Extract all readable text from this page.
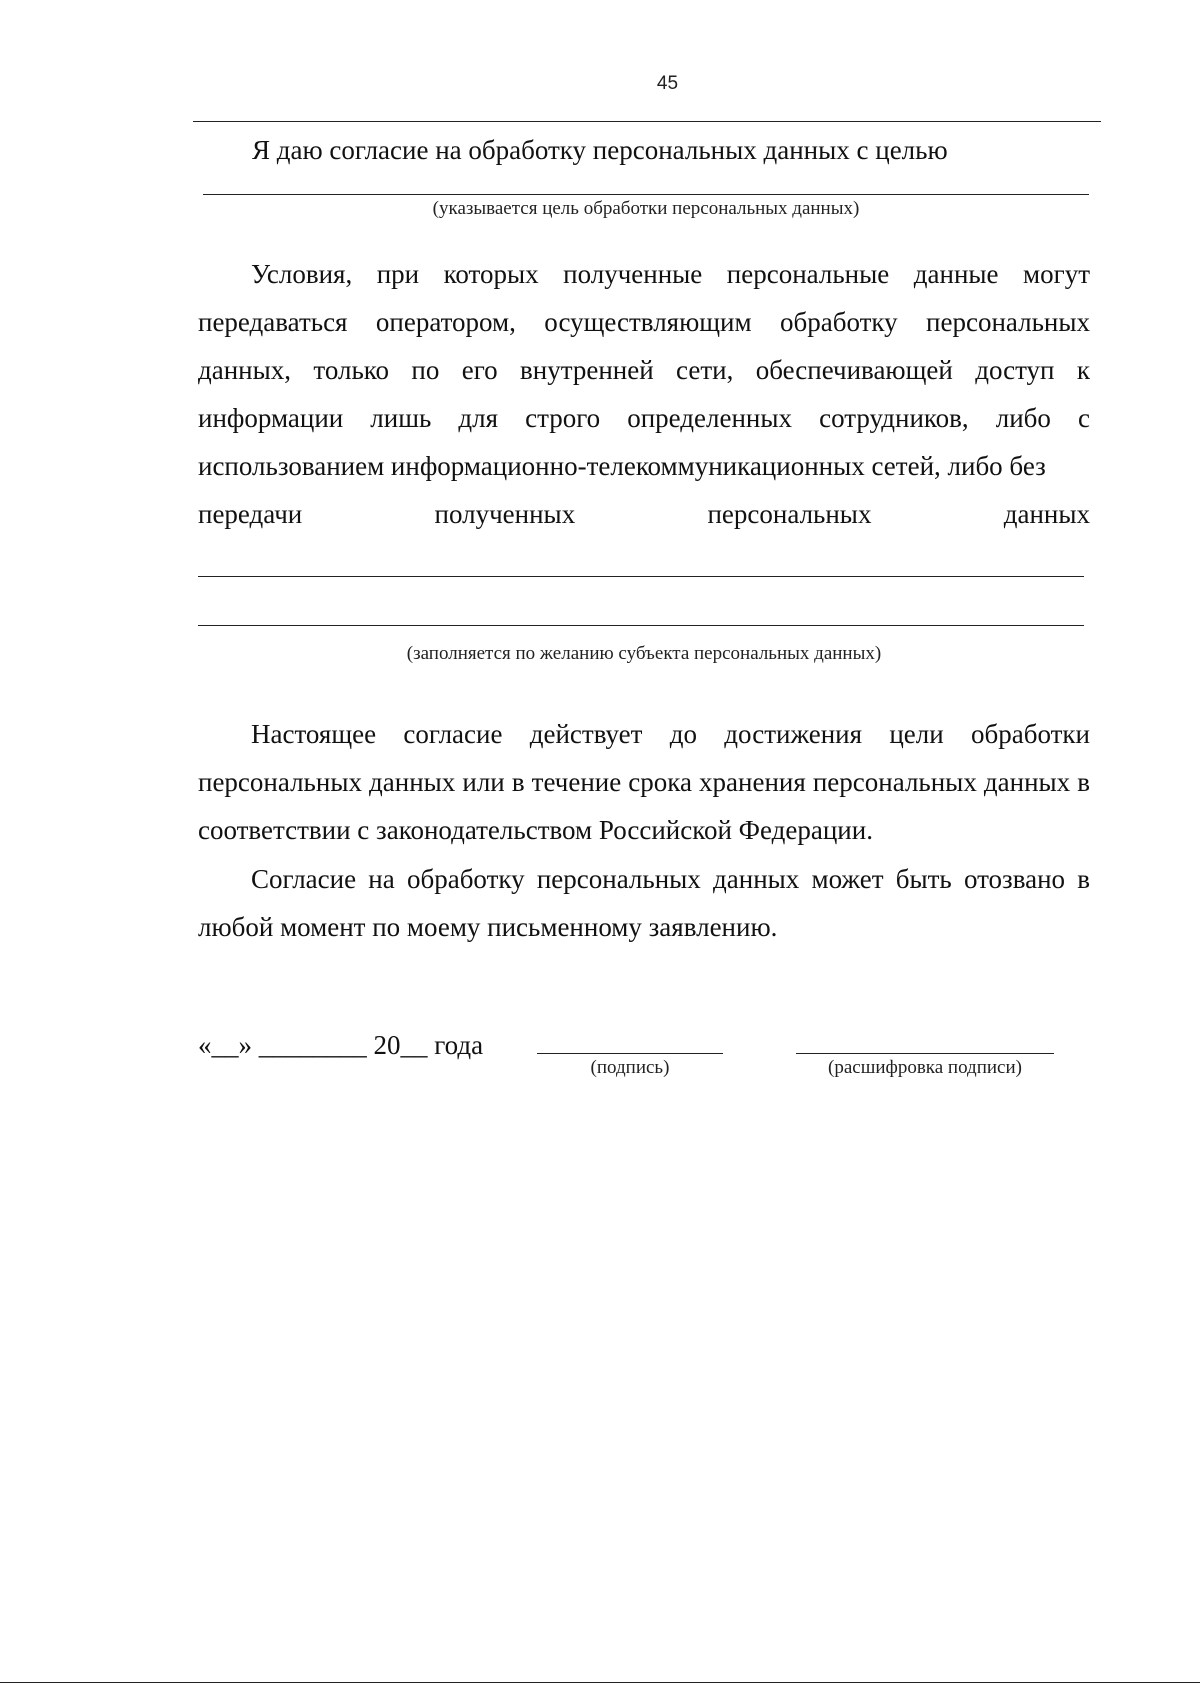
45
Я даю согласие на обработку персональных данных с целью
(указывается цель обработки персональных данных)

Условия, при которых полученные персональные данные могут передаваться оператором, осуществляющим обработку персональных данных, только по его внутренней сети, обеспечивающей доступ к информации лишь для строго определенных сотрудников, либо с использованием информационно-телекоммуникационных сетей, либо без

передачи полученных персональных данных
(заполняется по желанию субъекта персональных данных)

Настоящее согласие действует до достижения цели обработки персональных данных или в течение срока хранения персональных данных в соответствии с законодательством Российской Федерации.

Согласие на обработку персональных данных может быть отозвано в любой момент по моему письменному заявлению.

«__» ________ 20__ года
(подпись)	(расшифровка подписи)
